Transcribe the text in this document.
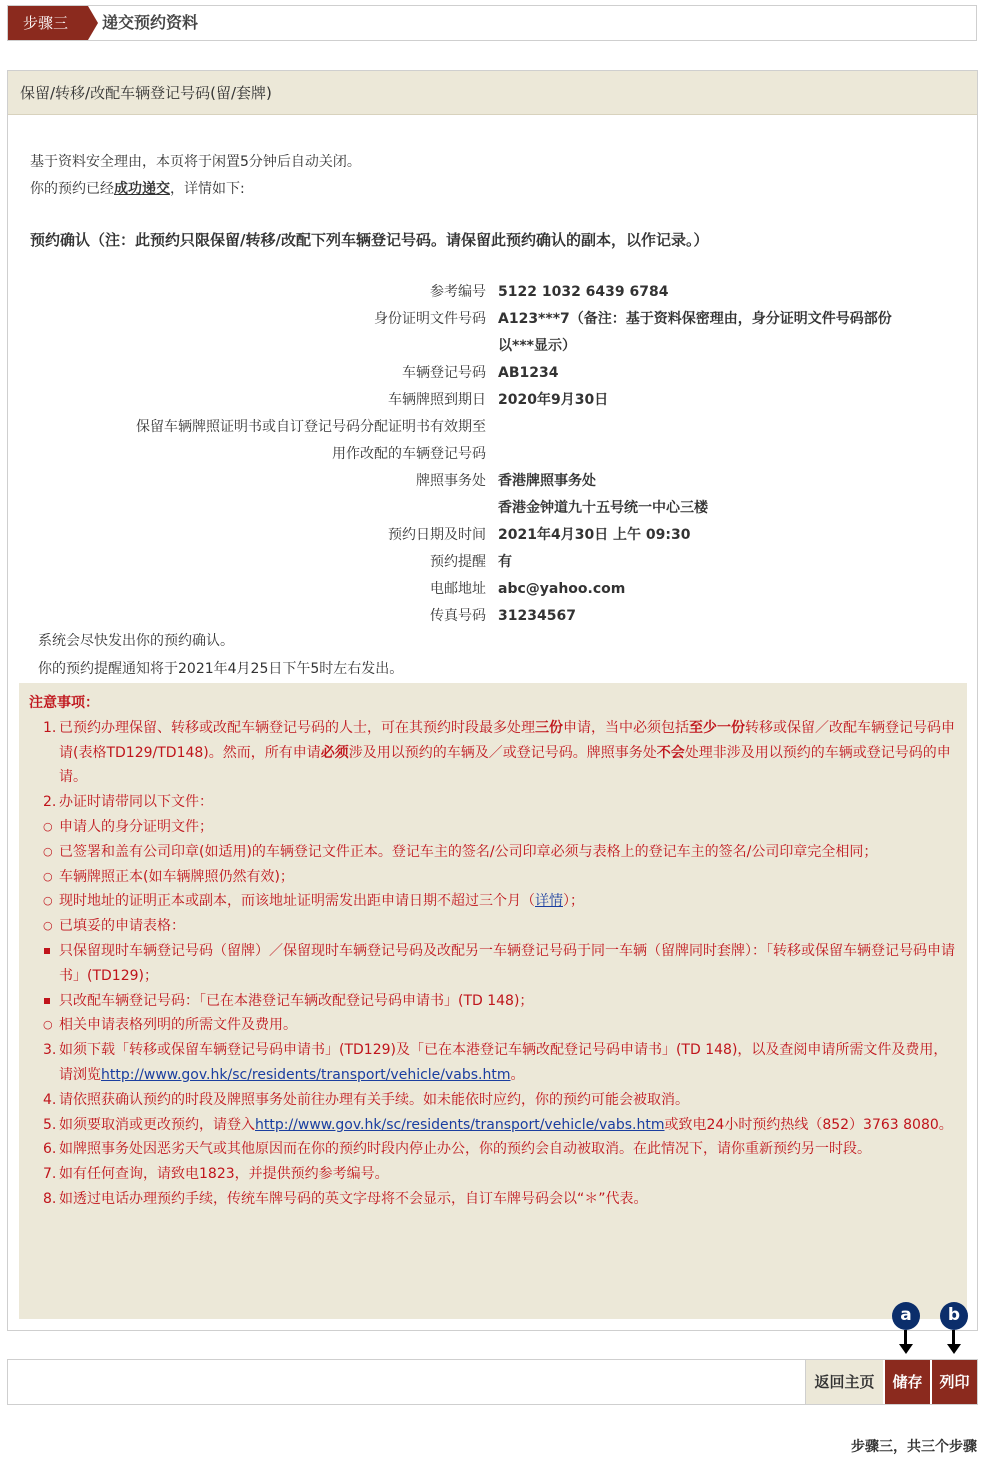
步骤三	递交预约资料
保留/转移/改配车辆登记号码(留/套牌)
基于资料安全理由，本页将于闲置5分钟后自动关闭。
你的预约已经成功递交，详情如下:
预约确认（注：此预约只限保留/转移/改配下列车辆登记号码。请保留此预约确认的副本，以作记录。）
参考编号 5122 1032 6439 6784
身份证明文件号码 A123***7（备注：基于资料保密理由，身分证明文件号码部份
以***显示）
车辆登记号码 AB1234
车辆牌照到期日 2020年9月30日
保留车辆牌照证明书或自订登记号码分配证明书有效期至
用作改配的车辆登记号码
牌照事务处 香港牌照事务处
香港金钟道九十五号统一中心三楼
预约日期及时间 2021年4月30日 上午 09:30
预约提醒 有
电邮地址 abc@yahoo.com
传真号码 31234567
系统会尽快发出你的预约确认。
你的预约提醒通知将于2021年4月25日下午5时左右发出。
注意事项：
1. 已预约办理保留、转移或改配车辆登记号码的人士，可在其预约时段最多处理三份申请，当中必须包括至少一份转移或保留／改配车辆登记号码申请(表格TD129/TD148)。然而，所有申请必须涉及用以预约的车辆及／或登记号码。牌照事务处不会处理非涉及用以预约的车辆或登记号码的申请。
2. 办证时请带同以下文件：
○ 申请人的身分证明文件；
○ 已签署和盖有公司印章(如适用)的车辆登记文件正本。登记车主的签名/公司印章必须与表格上的登记车主的签名/公司印章完全相同；
○ 车辆牌照正本(如车辆牌照仍然有效)；
○ 现时地址的证明正本或副本，而该地址证明需发出距申请日期不超过三个月（详情）；
○ 已填妥的申请表格：
只保留现时车辆登记号码（留牌）／保留现时车辆登记号码及改配另一车辆登记号码于同一车辆（留牌同时套牌）：「转移或保留车辆登记号码申请书」(TD129)；
只改配车辆登记号码：「已在本港登记车辆改配登记号码申请书」(TD 148)；
○ 相关申请表格列明的所需文件及费用。
3. 如须下载「转移或保留车辆登记号码申请书」(TD129)及「已在本港登记车辆改配登记号码申请书」(TD 148)，以及查阅申请所需文件及费用，请浏览http://www.gov.hk/sc/residents/transport/vehicle/vabs.htm。
4. 请依照获确认预约的时段及牌照事务处前往办理有关手续。如未能依时应约，你的预约可能会被取消。
5. 如须要取消或更改预约，请登入http://www.gov.hk/sc/residents/transport/vehicle/vabs.htm或致电24小时预约热线（852）3763 8080。
6. 如牌照事务处因恶劣天气或其他原因而在你的预约时段内停止办公，你的预约会自动被取消。在此情况下，请你重新预约另一时段。
7. 如有任何查询，请致电1823，并提供预约参考编号。
8. 如透过电话办理预约手续，传统车牌号码的英文字母将不会显示，自订车牌号码会以“＊”代表。
a	b
返回主页	储存	列印
步骤三，共三个步骤
